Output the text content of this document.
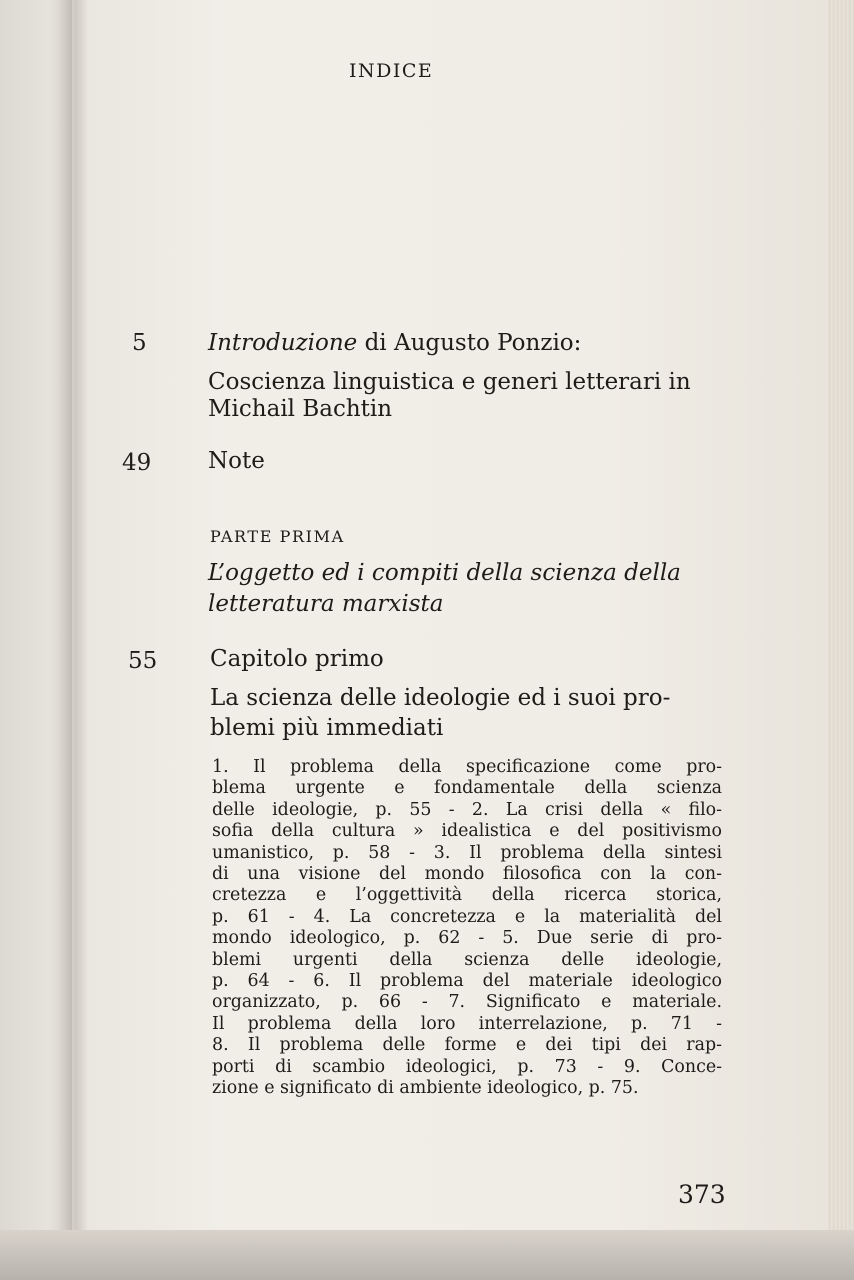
INDICE
5	Introduzione di Augusto Ponzio:
Coscienza linguistica e generi letterari in
Michail Bachtin
49 Note
PARTE PRIMA
L’oggetto ed i compiti della scienza della
letteratura marxista
55 Capitolo primo
La scienza delle ideologie ed i suoi pro-
blemi più immediati
1. Il problema della specificazione come pro-
blema urgente e fondamentale della scienza
delle ideologie, p. 55 - 2. La crisi della « filo-
sofia della cultura » idealistica e del positivismo
umanistico, p. 58 - 3. Il problema della sintesi
di una visione del mondo filosofica con la con-
cretezza e l’oggettività della ricerca storica,
p. 61 - 4. La concretezza e la materialità del
mondo ideologico, p. 62 - 5. Due serie di pro-
blemi urgenti della scienza delle ideologie,
p. 64 - 6. Il problema del materiale ideologico
organizzato, p. 66 - 7. Significato e materiale.
Il problema della loro interrelazione, p. 71 -
8. Il problema delle forme e dei tipi dei rap-
porti di scambio ideologici, p. 73 - 9. Conce-
zione e significato di ambiente ideologico, p. 75.
373
